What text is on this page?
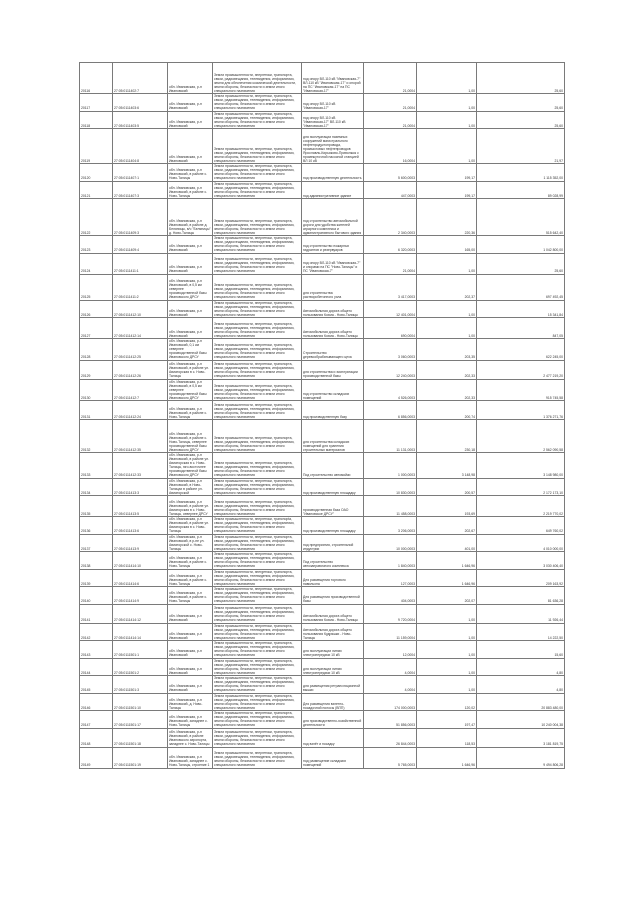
20116	27:05:0111402:7	обл. Ивановская, р-н Ивановский	Земли промышленности, энергетики, транспорта, связи, радиовещания, телевидения, информатики, земли для обеспечения космической деятельности, земли обороны, безопасности и земли иного специального назначения	под опору ВЛ-110 кВ "Ивановская-7" ВЛ-110 кВ "Ивановская-17" и опорой на ПС "Ивановская-17" на ПС "Ивановская-17"	21,0004	1,00	25,60
20117	27:05:0111403:6	обл. Ивановская, р-н Ивановский	Земли промышленности, энергетики, транспорта, связи, радиовещания, телевидения, информатики, земли обороны, безопасности и земли иного специального назначения	под опору ВЛ-110 кВ "Ивановская-17"	21,0004	1,00	25,60
20118	27:05:0111403:5	обл. Ивановская, р-н Ивановский	Земли промышленности, энергетики, транспорта, связи, радиовещания, телевидения, информатики, земли обороны, безопасности и земли иного специального назначения	под опору ВЛ-110 кВ "Ивановская-17" ВЛ-110 кВ "Ивановская-17"	21,0004	1,00	25,60
20119	27:05:0111404:8	обл. Ивановская, р-н Ивановский	Земли промышленности, энергетики, транспорта, связи, радиовещания, телевидения, информатики, земли обороны, безопасности и земли иного специального назначения	для эксплуатации наземных сооружений магистрального нефтепродуктопровода, промысловых нефтепроводов Ярославль-Кирьяково-Приволжск с промежуточной насосной станцией ВЛ 10 кВ	16,0004	1,00	21,97
20120	27:05:0111407:1	обл. Ивановская, р-н Ивановский, в районе с. Ново-Талицы	Земли промышленности, энергетики, транспорта, связи, радиовещания, телевидения, информатики, земли обороны, безопасности и земли иного специального назначения	под производственную деятельность	5 600,0003	199,17	1 115 352,00
20121	27:05:0111407:3	обл. Ивановская, р-н Ивановский, в районе с. Ново-Талицы	Земли промышленности, энергетики, транспорта, связи, радиовещания, телевидения, информатики, земли обороны, безопасности и земли иного специального назначения	под административное здание	447,0003	199,17	89 028,99
20122	27:05:0111409:3	обл. Ивановская, р-н Ивановский, в районе д. Беляницы, в/ч "Беляницы" д. Ново-Талицы	Земли промышленности, энергетики, транспорта, связи, радиовещания, телевидения, информатики, земли обороны, безопасности и земли иного специального назначения	под строительство автомобильной дороги для удобства жителей аграрного комплекса и административного бытового здания	2 340,0003	220,36	515 642,40
20123	27:05:0111409:4	обл. Ивановская, р-н Ивановский	Земли промышленности, энергетики, транспорта, связи, радиovещания, телевидения, информатики, земли обороны, безопасности и земли иного специального назначения	под строительство пожарных гидрантов и резервуаров	6 320,0003	165,00	1 042 800,00
20124	27:05:0111411:1	обл. Ивановская, р-н Ивановский	Земли промышленности, энергетики, транспорта, связи, радиовещания, телевидения, информатики, земли обороны, безопасности и земли иного специального назначения	под опору ВЛ-110 кВ "Ивановская-7" и опорами на ПС "Ново-Талицы" и ПС "Ивановская-7"	21,0004	1,00	25,60
20125	27:05:0111411:2	обл. Ивановская, р-н Ивановский, в 0,5 км севернее производственной базы Ивановского ДРСУ	Земли промышленности, энергетики, транспорта, связи, радиовещания, телевидения, информатики, земли обороны, безопасности и земли иного специального назначения	для строительства растворобетонного узла	3 417,0003	202,37	697 492,45
20126	27:05:0111412:10	обл. Ивановская, р-н Ивановский	Земли промышленности, энергетики, транспорта, связи, радиовещания, телевидения, информатики, земли обороны, безопасности и земли иного специального назначения	Автомобильная дорога общего пользования Кохма - Ново-Талицы	12 401,0004	1,00	15 341,84
20127	27:05:0111412:14	обл. Ивановская, р-н Ивановский	Земли промышленности, энергетики, транспорта, связи, радиовещания, телевидения, информатики, земли обороны, безопасности и земли иного специального назначения	Автомобильная дорога общего пользования Кохма - Ново-Талицы	690,0004	1,00	847,05
20128	27:05:0111412:25	обл. Ивановская, р-н Ивановский, 0,1 км севернее производственной базы Ивановского ДРСУ	Земли промышленности, энергетики, транспорта, связи, радиовещания, телевидения, информатики, земли обороны, безопасности и земли иного специального назначения	Строительство деревообрабатывающего цеха	3 060,0003	203,35	622 245,00
20129	27:05:0111412:26	обл. Ивановская, р-н Ивановский, в районе ул. Авиаторская в с. Ново-Талицы	Земли промышленности, энергетики, транспорта, связи, радиовещания, телевидения, информатики, земли обороны, безопасности и земли иного специального назначения	для строительства и эксплуатации производственной базы	12 240,0003	202,33	2 477 219,20
20130	27:05:0111412:7	обл. Ивановская, р-н Ивановский, в 0,5 км севернее производственной базы Ивановского ДРСУ	Земли промышленности, энергетики, транспорта, связи, радиовещания, телевидения, информатики, земли обороны, безопасности и земли иного специального назначения	под строительство складских помещений	4 526,0003	202,33	915 745,58
20131	27:05:0111412:24	обл. Ивановская, р-н Ивановский, в районе с. Ново-Талицы	Земли промышленности, энергетики, транспорта, связи, радиовещания, телевидения, информатики, земли обороны, безопасности и земли иного специального назначения	под производственную базу	6 856,0003	200,74	1 376 271,76
20132	27:05:0111412:35	обл. Ивановская, р-н Ивановский, в районе с. Ново-Талицы, севернее производственной базы Ивановского ДРСУ	Земли промышленности, энергетики, транспорта, связи, радиовещания, телевидения, информатики, земли обороны, безопасности и земли иного специального назначения	для строительства складских помещений для хранения строительных материалов	11 131,0003	230,18	2 562 090,58
20133	27:05:0111412:33	обл. Ивановская, р-н Ивановский, в районе ул. Авиаторская в с. Ново-Талицы, юго-восточнее производственной базы Ивановского ДРСУ	Земли промышленности, энергетики, транспорта, связи, радиовещания, телевидения, информатики, земли обороны, безопасности и земли иного специального назначения	Под строительство автомойки	1 000,0003	3 148,98	3 148 980,00
20134	27:05:0111413:3	обл. Ивановская, р-н Ивановский, в Ново-Талицах в районе ул. Авиаторской	Земли промышленности, энергетики, транспорта, связи, радиовещания, телевидения, информатики, земли обороны, безопасности и земли иного специального назначения	под производственную площадку	10 830,0003	200,57	2 172 173,10
20135	27:05:0111413:5	обл. Ивановская, р-н Ивановский, в районе ул. Авиаторская в с. Ново-Талицы, севернее ДРСУ	Земли промышленности, энергетики, транспорта, связи, радиовещания, телевидения, информатики, земли обороны, безопасности и земли иного специального назначения	производственная база ОАО "Ивановское ДРСУ"	11 458,0003	193,69	2 219 770,02
20136	27:05:0111413:6	обл. Ивановская, р-н Ивановский, в районе ул. Авиаторская в с. Ново-Талицы	Земли промышленности, энергетики, транспорta, связи, радиовещания, телевидения, информатики, земли обороны, безопасности и земли иного специального назначения	под производственную площадку	3 206,0003	202,67	649 760,02
20137	27:05:0111413:9	обл. Ивановская, р-н Ивановский, в р-не ул. Авиаторской с. Ново-Талицы	Земли промышленности, энергетики, транспорта, связи, радиовещания, телевидения, информатики, земли обороны, безопасности и земли иного специального назначения	под предприятия, строительной индустрии	10 000,0003	401,00	4 010 000,00
20138	27:05:0111414:10	обл. Ивановская, р-н Ивановский, в районе с. Ново-Талицы	Земли промышленности, энергетики, транспорта, связи, радиовещания, телевидения, информатики, земли обороны, безопасности и земли иного специального назначения	Под строительство автозаправочного комплекса	1 840,0003	1 646,96	3 030 406,40
20139	27:05:0111414:6	обл. Ивановская, р-н Ивановский, в районе с. Ново-Талицы	Земли промышленности, энergетики, транспорта, связи, радиовещания, телевидения, информатики, земли обороны, безопасности и земли иного специального назначения	Для размещения торгового павильона	127,0003	1 646,96	209 163,92
20140	27:05:0111414:9	обл. Ивановская, р-н Ивановский, в районе с. Ново-Талицы	Земли промышленности, энергетики, транспорта, связи, радиовещания, телевидения, информатики, земли обороны, безопасности и земли иного специального назначения	Для размещения производственной базы	404,0003	202,07	81 636,28
20141	27:05:0111414:12	обл. Ивановская, р-н Ивановский	Земли промышленности, энергетики, транспорта, связи, радиовещания, телевидения, информатики, земли обороны, безопасности и земли иного специального назначения	Автомобильная дорога общего пользования Кохма - Ново-Талицы	9 720,0004	1,00	11 926,44
20142	27:05:0111414:14	обл. Ивановская, р-н Ивановский	Земли промышленности, энергетики, транспорта, связи, радиовещания, телевидения, информатики, земли обороны, безопасности и земли иного специального назначения	Автомобильная дорога общего пользования Кудряшки - Ново-Талицы	11 159,0004	1,00	14 222,50
20143	27:05:0111501:1	обл. Ивановская, р-н Ивановский	Земли промышленности, энергетики, транспорта, связи, радиовещания, телевидения, информатики, земли обороны, безопасности и земли иного специального назначения	для эксплуатации линии электропередачи 10 кВ	12,0004	1,00	15,60
20144	27:05:0111501:2	обл. Ивановская, р-н Ивановский	Земли промышленности, энергетики, транспорта, связи, радиовещания, телевидения, информатики, земли обороны, безопасности и земли иного специального назначения	для эксплуатации линии электропередачи 10 кВ	4,0004	1,00	4,80
20145	27:05:0111501:3	обл. Ивановская, р-н Ивановский	Земли промышленности, энергетики, транспорта, связи, радиовещания, телевидения, информатики, земли обороны, безопасности и земли иного специального назначения	для размещения ретрансляционной вышки	4,0004	1,00	4,80
20146	27:05:0111501:10	обл. Ивановская, р-н Ивановский, д. Ново-Талицы	Земли промышленности, энергетики, транспорта, связи, радиовещания, телевидения, информатики, земли обороны, безопасности и земли иного специального назначения	Для размещения взлетно-посадочной полосы (ВПП)	174 000,0003	120,02	20 883 480,00
20147	27:05:0111501:17	обл. Ивановская, р-н Ивановский, западнее с. Ново-Талицы	Земли промышленности, энергетики, транспорта, связи, радиовещания, телевидения, информатики, земли обороны, безопасности и земли иного специального назначения	для производственно-хозяйственной деятельности	51 856,0003	197,47	10 240 004,38
20148	27:05:0111501:18	обл. Ивановская, р-н Ивановский, в районе Ивановского аэропорта, западнее с. Ново-Талицы	Земли промышленности, энергетики, транспорта, связи, радиовещания, телевидения, информатики, земли обороны, безопасности и земли иного специального назначения	под взлёт и посадку	26 844,0003	118,53	3 181 819,75
20149	27:05:0111501:19	обл. Ивановская, р-н Ивановский, западнее с. Ново-Талицы, строение 1	Земли промышленности, энергетики, транспорта, связи, радиовещания, телевидения, информатики, земли обороны, безопасности и земли иного специального назначения	под размещение складских помещений	5 765,0003	1 646,96	9 494 806,28
